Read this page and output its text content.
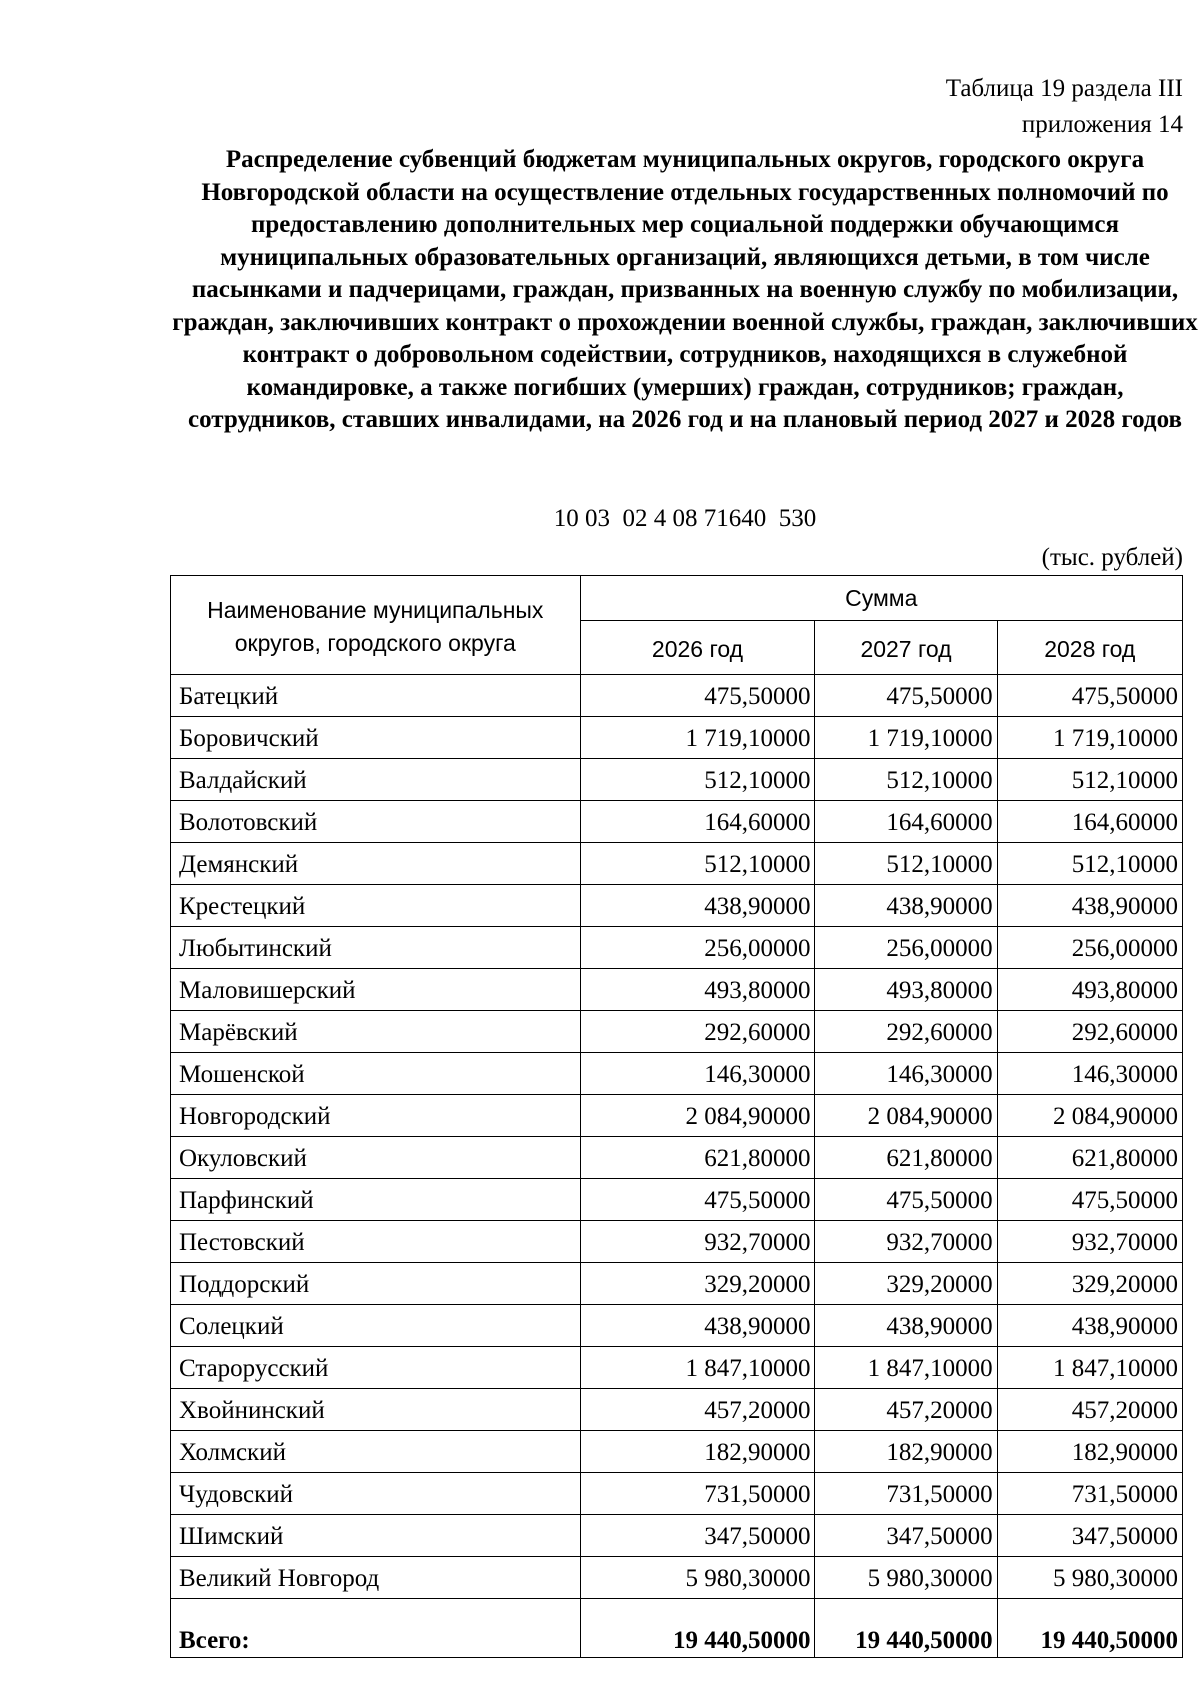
Таблица 19 раздела III
приложения 14
Распределение субвенций бюджетам муниципальных округов, городского округа Новгородской области на осуществление отдельных государственных полномочий по предоставлению дополнительных мер социальной поддержки обучающимся муниципальных образовательных организаций, являющихся детьми, в том числе пасынками и падчерицами, граждан, призванных на военную службу по мобилизации, граждан, заключивших контракт о прохождении военной службы, граждан, заключивших контракт о добровольном содействии, сотрудников, находящихся в служебной командировке, а также погибших (умерших) граждан, сотрудников; граждан, сотрудников, ставших инвалидами, на 2026 год и на плановый период 2027 и 2028 годов
10 03  02 4 08 71640  530
(тыс. рублей)
Наименование муниципальных округов, городского округа	Сумма		
	2026 год	2027 год	2028 год
Батецкий	475,50000	475,50000	475,50000
Боровичский	1 719,10000	1 719,10000	1 719,10000
Валдайский	512,10000	512,10000	512,10000
Волотовский	164,60000	164,60000	164,60000
Демянский	512,10000	512,10000	512,10000
Крестецкий	438,90000	438,90000	438,90000
Любытинский	256,00000	256,00000	256,00000
Маловишерский	493,80000	493,80000	493,80000
Марёвский	292,60000	292,60000	292,60000
Мошенской	146,30000	146,30000	146,30000
Новгородский	2 084,90000	2 084,90000	2 084,90000
Окуловский	621,80000	621,80000	621,80000
Парфинский	475,50000	475,50000	475,50000
Пестовский	932,70000	932,70000	932,70000
Поддорский	329,20000	329,20000	329,20000
Солецкий	438,90000	438,90000	438,90000
Старорусский	1 847,10000	1 847,10000	1 847,10000
Хвойнинский	457,20000	457,20000	457,20000
Холмский	182,90000	182,90000	182,90000
Чудовский	731,50000	731,50000	731,50000
Шимский	347,50000	347,50000	347,50000
Великий Новгород	5 980,30000	5 980,30000	5 980,30000
Всего:	19 440,50000	19 440,50000	19 440,50000
